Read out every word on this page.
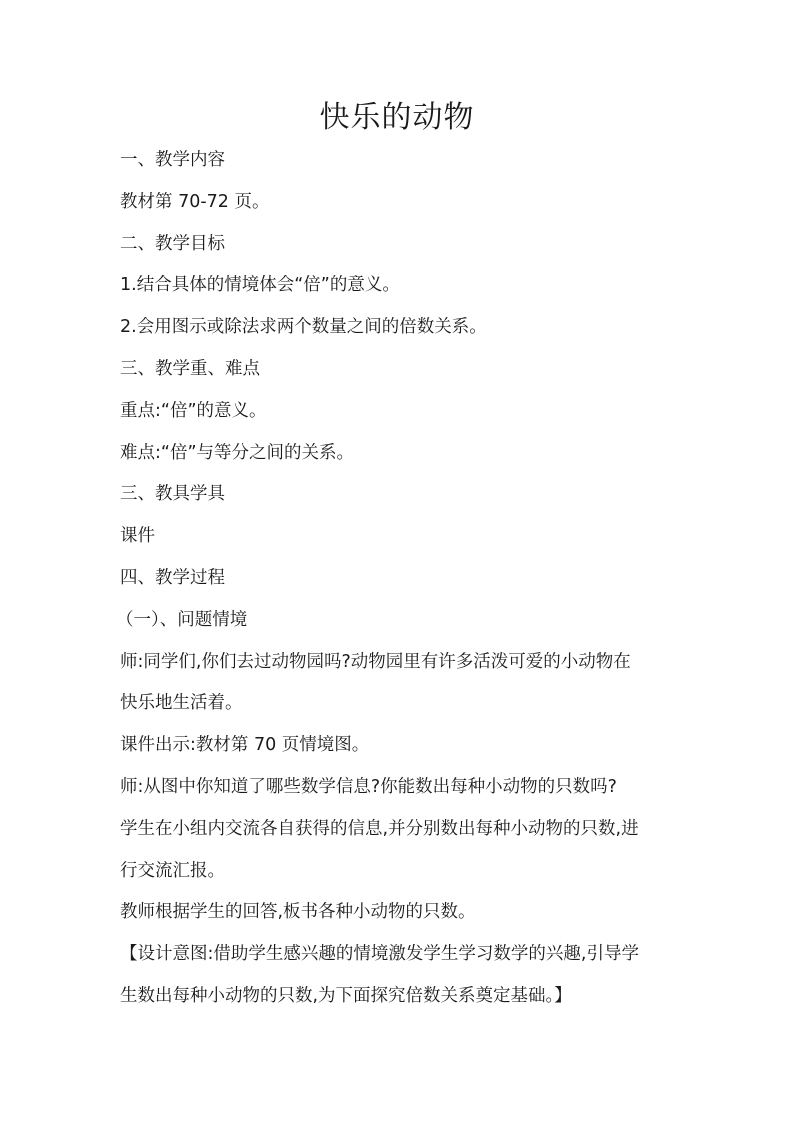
快乐的动物

一、教学内容

教材第 70-72 页。

二、教学目标

1.结合具体的情境体会“倍”的意义。

2.会用图示或除法求两个数量之间的倍数关系。

三、教学重、难点

重点:“倍”的意义。

难点:“倍”与等分之间的关系。

三、教具学具

课件

四、教学过程

（一）、问题情境

师:同学们,你们去过动物园吗?动物园里有许多活泼可爱的小动物在

快乐地生活着。

课件出示:教材第 70 页情境图。

师:从图中你知道了哪些数学信息?你能数出每种小动物的只数吗?

学生在小组内交流各自获得的信息,并分别数出每种小动物的只数,进

行交流汇报。

教师根据学生的回答,板书各种小动物的只数。

【设计意图:借助学生感兴趣的情境激发学生学习数学的兴趣,引导学

生数出每种小动物的只数,为下面探究倍数关系奠定基础。】
